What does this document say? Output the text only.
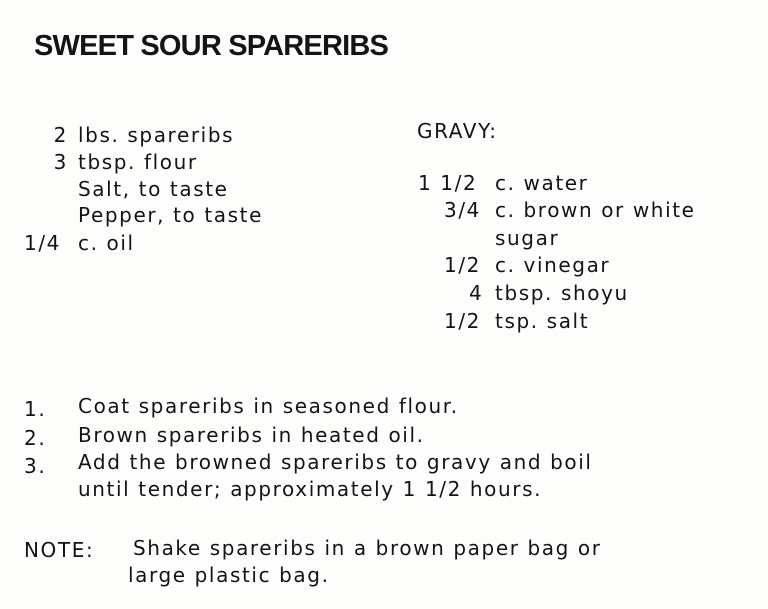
SWEET SOUR SPARERIBS
2 lbs. spareribs
3 tbsp. flour
Salt, to taste
Pepper, to taste
1/4 c. oil
GRAVY:
1 1/2 c. water
3/4 c. brown or white
sugar
1/2 c. vinegar
4 tbsp. shoyu
1/2 tsp. salt
1. Coat spareribs in seasoned flour.
2. Brown spareribs in heated oil.
3. Add the browned spareribs to gravy and boil
until tender; approximately 1 1/2 hours.
NOTE: Shake spareribs in a brown paper bag or
large plastic bag.
